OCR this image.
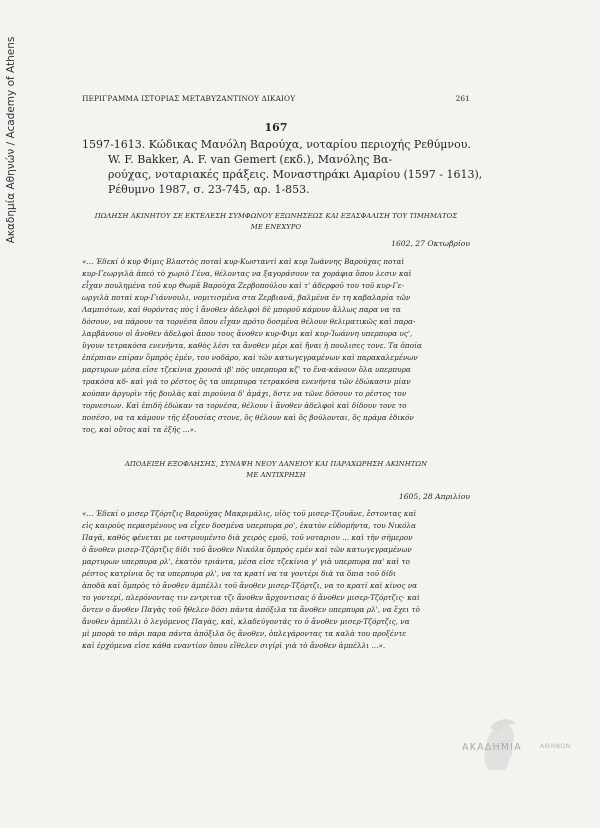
Ακαδημία Αθηνών / Academy of Athens	ΠΕΡΙΓΡΑΜΜΑ ΙΣΤΟΡΙΑΣ ΜΕΤΑΒΥΖΑΝΤΙΝΟΥ ΔΙΚΑΙΟΥ	261
167
1597-1613. Κώδικας Μανόλη Βαρούχα, νοταρίου περιοχής Ρεθύμνου.
W. F. Bakker, A. F. van Gemert (εκδ.), Μανόλης Βα-
ρούχας, νοταριακές πράξεις. Μοναστηράκι Αμαρίου (1597 - 1613),
Ρέθυμνο 1987, σ. 23-745, αρ. 1-853.
ΠΩΛΗΣΗ ΑΚΙΝΗΤΟΥ ΣΕ ΕΚΤΕΛΕΣΗ ΣΥΜΦΩΝΟΥ ΕΞΩΝΗΣΕΩΣ ΚΑΙ ΕΞΑΣΦΑΛΙΣΗ ΤΟΥ ΤΙΜΗΜΑΤΟΣ
ΜΕ ΕΝΕΧΥΡΟ
1602, 27 Οκτωβρίου
«... Έδεκί ὁ κυρ Φίμις Βλαστὸς ποταὶ κυρ-Κωσταντὶ καὶ κυρ Ἰωάννης Βαρούχας ποταὶ
κυρ-Γεωργιλὰ ἀπεὸ τὸ χωριὸ Γένα, θέλοντας να ξαγοράσουν τα χοράφια ὅπου λεσιν καὶ
εἶχαν πουλημένα τοῦ κυρ Θωμᾶ Βαρούχα Ζερβοπούλου καὶ τ' ἀδερφοῦ του τοῦ κυρ-Γε-
ωργιλὰ ποταὶ κυρ-Γιάννουλι, νομιτισμένα στα Ζερβιανά, βαλμένα ἐν τη καβαλαρία τῶν
Λαμπιότων, καὶ θορόντας πὸς ἰ ἄνοθεν ἀδελφοὶ δὲ μποροῦ κάμουν ἄλλως παρα να τα
δόσουν, να πάρουν τα τορνέσα ὅπου εἶχαν πρότο δοσμένα θέλουν θελιματικῶς καὶ παρα-
λαμβάνουν οἱ ἄνοθεν ἀδελφοὶ ἄπου τους ἄνοθεν κυρ-Φιμι καὶ κυρ-Ἰωάννη υπερπυρα υς',
ὕγουν τετρακόσα ενενήντα, καθὸς λέσι τα ἄνοθεν μέρι καὶ ἤναι ἡ πουλισες τονε. Τα ὁποία
ἐπέρπιαν επίραν ὄμπρὸς ἐμέν, του νοδάρο, καὶ τῶν κατωγεγραμένων καὶ παρακαλεμένων
μαρτυρων μέσα εἰσε τζεκίνια χρουσά ιβ' πὸς υπερπυρα κζ' το ἕνα-κάνουν ὅλα υπερπυρα
τρακόσα κδ- καὶ γιὰ το ρέστος ὅς τα υπερπυρα τετρακόσα ενενήντα τῶν ἐδώκασιν μίαν
κούπαν ἀργυρὶν τῆς βουλὰς καὶ πιρούνια δ' ἀμάχι, δστε να τῶνε δόσουν το ρέστος τον
τορνεσιων. Καὶ ἐπιδὴ ἐδώκαν τα τορνέσα, θέλουν ἰ ἄνοθεν ἀδελφοὶ καὶ δίδουν τονε το
ποσέσο, να τα κάμουν τῆς ἐξουσίας στονε, ὅς θέλουν καὶ ὅς βούλονται, ὅς πράμα ἐδικόν
τος, καὶ οὕτος καὶ τα ἑξῆς ...».
ΑΠΟΔΕΙΞΗ ΕΞΟΦΛΗΣΗΣ, ΣΥΝΑΨΗ ΝΕΟΥ ΔΑΝΕΙΟΥ ΚΑΙ ΠΑΡΑΧΩΡΗΣΗ ΑΚΙΝΗΤΩΝ
ΜΕ ΑΝΤΙΧΡΗΣΗ
1605, 28 Απριλίου
«... Έδεκί ο μισερ Τζόρτζις Βαρούχας Μακριμάλις, υἱὸς τοῦ μισερ-Τζουᾶνε, ἔστοντας καὶ
εἰς καιροὺς περασμένους να εἶχεν δοσμένα υπερπυρα ρο', ἑκατὸν εὐδομήντα, του Νικόλα
Παγᾶ, καθὸς φένεται με ινστρουμέντο διὰ χειρὸς εμοῦ, τοῦ νοταριου ... καὶ τὴν σήμερον
ὁ ἄνοθεν μισερ-Τζόρτζις δίδι τοῦ ἄνοθεν Νικόλα ὄμπρὸς εμέν καὶ τῶν κατωγεγραμένων
μαρτυρων υπερπυρα ρλ', ἑκατὸν τριάντα, μέσα εἰσε τζεκίνια γ' γιὰ υπερπυρα πα' καὶ το
ρέστος κατρίνια ὅς τα υπερπυρα ρλ', να τα κρατί να τα γοντέρι διὰ τα ὅπια τοῦ δίδι
ἀποδὰ καὶ ὄμπρὸς τὸ ἄνοθεν ἀμπέλλι τοῦ ἄνοθεν μισερ-Τζόρτζι, να το κρατί καὶ κίνος να
το γοντερί, πλερόνοντας τιν εντριτια τζι ἄνοθεν ἄρχοντισας ὁ ἄνοθεν μισερ-Τζόρτζις· καὶ
ὄντεν ο ἄνοθεν Παγὰς τοῦ ἤθελεν δόσι πάντα ἀπόξιλα τα ἄνοθεν υπερπυρα ρλ', να ἔχει τὸ
ἄνοθεν ἀμπέλλι ὁ λεγόμενος Παγὰς, καὶ, κλαδεύγοντάς το ὁ ἄνοθεν μισερ-Τζόρτζις, να
μὶ μπορὰ το πάρι παρα πάντα ἀπόξιλα ὅς ἄνοθεν, ὀπλεγάροντας τα καλὰ του προξέντε
καὶ ἐρχόμενα εἰσε κάθα εναντίον ὅπου εἴθελεν σιγίρὶ γιὰ τὸ ἄνοθεν ἀμπέλλι ...».
ΑΚΑΔΗΜΙΑ	ΑΘΗΝΩΝ
